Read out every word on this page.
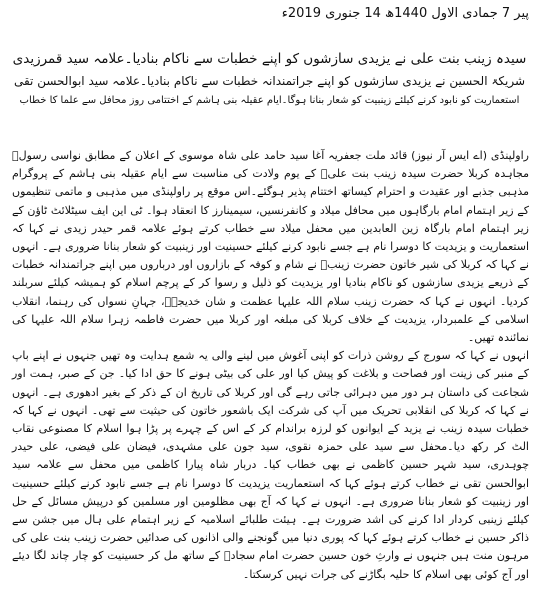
پیر 7 جمادی الاول 1440ھ 14 جنوری 2019ء
سیدہ زینب بنت علی نے یزیدی سازشوں کو اپنے خطبات سے ناکام بنادیا۔علامہ سید قمرزیدی
شریکۃ الحسین نے یزیدی سازشوں کو اپنے جراتمندانہ خطبات سے ناکام بنادیا۔علامہ سید ابوالحسن تقی

استعماریت کو نابود کرنے کیلئے زینبیت کو شعار بنانا ہوگا۔ایام عقیلہ بنی ہاشم کے اختتامی روز محافل سے علما کا خطاب

راولپنڈی (اے ایس آر نیوز) قائد ملت جعفریہ آغا سید حامد علی شاہ موسوی کے اعلان کے مطابق نواسی رسولؐ مجاہدہ کربلا حضرت سیدہ زینب بنت علیؑ کے یوم ولادت کی مناسبت سے ایام عقیلہ بنی ہاشم کے پروگرام مذہبی جذبے اور عقیدت و احترام کیساتھ اختتام پذیر ہوگئے۔اس موقع پر راولپنڈی میں مذہبی و ماتمی تنظیموں کے زیر اہتمام امام بارگاہوں میں محافل میلاد و کانفرنسیں، سیمینارز کا انعقاد ہوا۔ ٹی این ایف سیٹلائٹ ٹاؤن کے زیر اہتمام امام بارگاہ زین العابدین میں محفل میلاد سے خطاب کرتے ہوئے علامہ قمر حیدر زیدی نے کہا کہ استعماریت و یزیدیت کا دوسرا نام ہے جسے نابود کرنے کیلئے حسینیت اور زینبیت کو شعار بنانا ضروری ہے۔ انہوں نے کہا کہ کربلا کی شیر خاتون حضرت زینبؑ نے شام و کوفہ کے بازاروں اور درباروں میں اپنے جراتمندانہ خطبات کے ذریعے یزیدی سازشوں کو ناکام بنادیا اور یزیدیت کو ذلیل و رسوا کر کے پرچم اسلام کو ہمیشہ کیلئے سربلند کردیا۔ انہوں نے کہا کہ حضرت زینب سلام اللہ علیہا عظمت و شان خدیجہؑ، جہانِ نسواں کی رہنما، انقلاب اسلامی کے علمبردار، یزیدیت کے خلاف کربلا کی مبلغہ اور کربلا میں حضرت فاطمہ زہرا سلام اللہ علیہا کی نمائندہ تھیں۔

انہوں نے کہا کہ سورج کے روشن ذرات کو اپنی آغوش میں لینے والی یہ شمع ہدایت وہ تھیں جنہوں نے اپنے باپ کے منبر کی زینت اور فصاحت و بلاغت کو پیش کیا اور علی کی بیٹی ہونے کا حق ادا کیا۔ جن کے صبر، ہمت اور شجاعت کی داستان ہر دور میں دہرائی جاتی رہے گی اور کربلا کی تاریخ ان کے ذکر کے بغیر ادھوری ہے۔ انہوں نے کہا کہ کربلا کی انقلابی تحریک میں آپ کی شرکت ایک باشعور خاتون کی حیثیت سے تھی۔ انہوں نے کہا کہ خطبات سیدہ زینب نے یزید کے ایوانوں کو لرزہ براندام کر کے اس کے چہرے پر پڑا ہوا اسلام کا مصنوعی نقاب الٹ کر رکھ دیا۔محفل سے سید علی حمزہ نقوی، سید جون علی مشہدی، فیضان علی فیضی، علی حیدر چوہدری، سید شہر حسین کاظمی نے بھی خطاب کیا۔ دربار شاہ پیارا کاظمی میں محفل سے علامہ سید ابوالحسن تقی نے خطاب کرتے ہوئے کہا کہ استعماریت یزیدیت کا دوسرا نام ہے جسے نابود کرنے کیلئے حسینیت اور زینبیت کو شعار بنانا ضروری ہے۔ انہوں نے کہا کہ آج بھی مظلومین اور مسلمین کو درپیش مسائل کے حل کیلئے زینبی کردار ادا کرنے کی اشد ضرورت ہے۔ ہیئت طلبائے اسلامیہ کے زیر اہتمام علی ہال میں جشن سے ذاکر حسین نے خطاب کرتے ہوئے کہا کہ پوری دنیا میں گونجنے والی اذانوں کی صدائیں حضرت زینب بنت علی کی مرہون منت ہیں جنہوں نے وارثِ خون حسین حضرت امام سجادؑ کے ساتھ مل کر حسینیت کو چار چاند لگا دیئے اور آج کوئی بھی اسلام کا حلیہ بگاڑنے کی جرات نہیں کرسکتا۔
